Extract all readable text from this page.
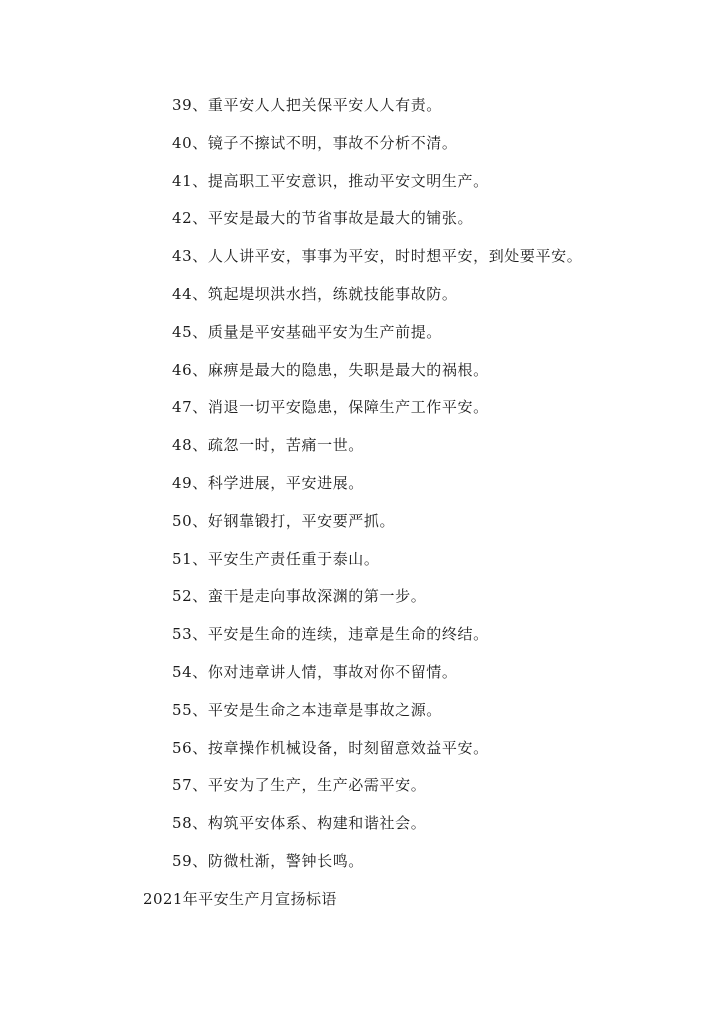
39、重平安人人把关保平安人人有责。
40、镜子不擦试不明，事故不分析不清。
41、提高职工平安意识，推动平安文明生产。
42、平安是最大的节省事故是最大的铺张。
43、人人讲平安，事事为平安，时时想平安，到处要平安。
44、筑起堤坝洪水挡，练就技能事故防。
45、质量是平安基础平安为生产前提。
46、麻痹是最大的隐患，失职是最大的祸根。
47、消退一切平安隐患，保障生产工作平安。
48、疏忽一时，苦痛一世。
49、科学进展，平安进展。
50、好钢靠锻打，平安要严抓。
51、平安生产责任重于泰山。
52、蛮干是走向事故深渊的第一步。
53、平安是生命的连续，违章是生命的终结。
54、你对违章讲人情，事故对你不留情。
55、平安是生命之本违章是事故之源。
56、按章操作机械设备，时刻留意效益平安。
57、平安为了生产，生产必需平安。
58、构筑平安体系、构建和谐社会。
59、防微杜渐，警钟长鸣。
2021年平安生产月宣扬标语
